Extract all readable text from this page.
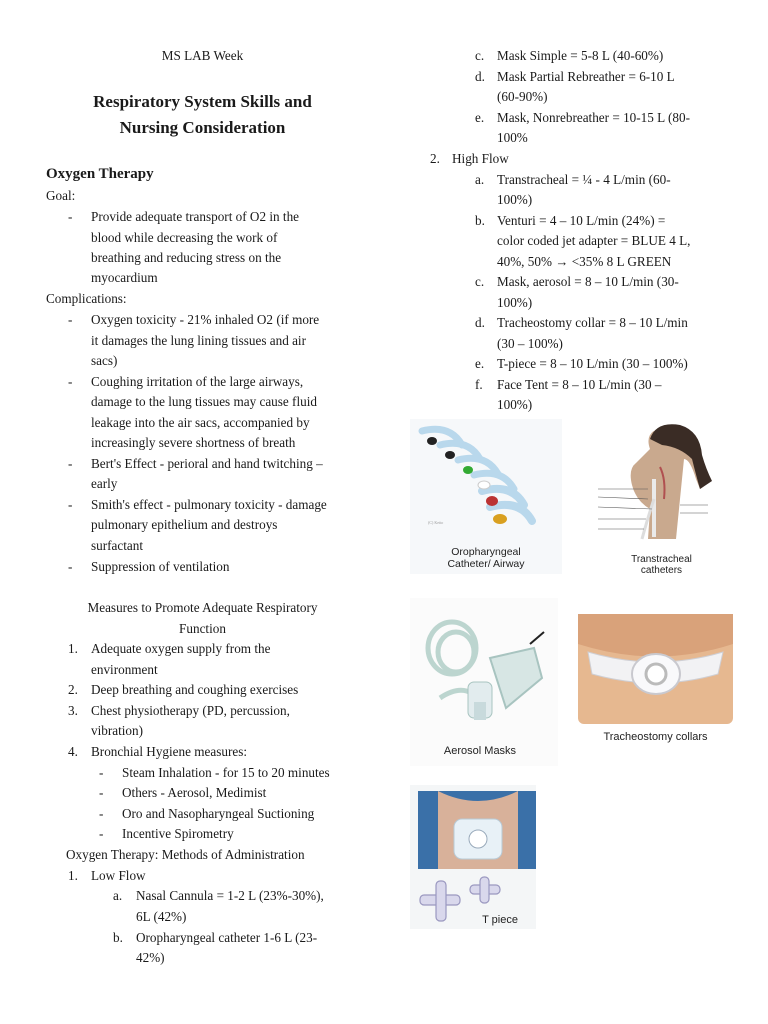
MS LAB Week
Respiratory System Skills and
Nursing Consideration
Oxygen Therapy
Goal:
- Provide adequate transport of O2 in the
blood while decreasing the work of
breathing and reducing stress on the
myocardium
Complications:
- Oxygen toxicity - 21% inhaled O2 (if more
it damages the lung lining tissues and air
sacs)
- Coughing irritation of the large airways,
damage to the lung tissues may cause fluid
leakage into the air sacs, accompanied by
increasingly severe shortness of breath
- Bert's Effect - perioral and hand twitching –
early
- Smith's effect - pulmonary toxicity - damage
pulmonary epithelium and destroys
surfactant
- Suppression of ventilation
Measures to Promote Adequate Respiratory
Function
1. Adequate oxygen supply from the
environment
2. Deep breathing and coughing exercises
3. Chest physiotherapy (PD, percussion,
vibration)
4. Bronchial Hygiene measures:
- Steam Inhalation - for 15 to 20 minutes
- Others - Aerosol, Medimist
- Oro and Nasopharyngeal Suctioning
- Incentive Spirometry
Oxygen Therapy: Methods of Administration
1. Low Flow
a. Nasal Cannula = 1-2 L (23%-30%),
6L (42%)
b. Oropharyngeal catheter 1-6 L (23-
42%)
c. Mask Simple = 5-8 L (40-60%)
d. Mask Partial Rebreather = 6-10 L
(60-90%)
e. Mask, Nonrebreather = 10-15 L (80-
100%
2. High Flow
a. Transtracheal = ¼ - 4 L/min (60-
100%)
b. Venturi = 4 – 10 L/min (24%) =
color coded jet adapter = BLUE 4 L,
40%, 50% → <35% 8 L GREEN
c. Mask, aerosol = 8 – 10 L/min (30-
100%)
d. Tracheostomy collar = 8 – 10 L/min
(30 – 100%)
e. T-piece = 8 – 10 L/min (30 – 100%)
f. Face Tent = 8 – 10 L/min (30 –
100%)
(C) Ketto
Oropharyngeal
Catheter/ Airway	Transtracheal
catheters
Aerosol Masks
Tracheostomy collars
T piece
